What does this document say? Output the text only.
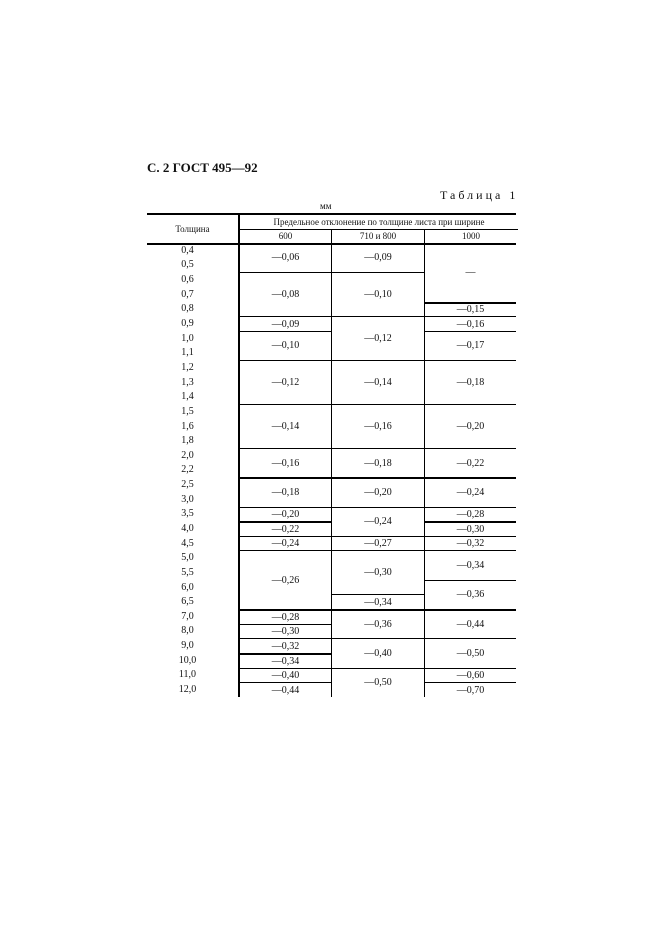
С. 2 ГОСТ 495—92
Таблица 1
мм
Толщина
Предельное отклонение по толщине листа при ширине
600	710 и 800	1000
0,4
0,5
0,6
0,7
0,8
0,9
1,0
1,1
1,2
1,3
1,4
1,5
1,6
1,8
2,0
2,2
2,5
3,0
3,5
4,0
4,5
5,0
5,5
6,0
6,5
7,0
8,0
9,0
10,0
11,0
12,0
—0,06
—0,08
—0,09
—0,10
—0,12
—0,14
—0,16
—0,18
—0,20
—0,22
—0,24
—0,26
—0,28
—0,30
—0,32
—0,34
—0,40
—0,44
—0,09
—0,10
—0,12
—0,14
—0,16
—0,18
—0,20
—0,24
—0,27
—0,30
—0,34
—0,36
—0,40
—0,50
—
—0,15
—0,16
—0,17
—0,18
—0,20
—0,22
—0,24
—0,28
—0,30
—0,32
—0,34
—0,36
—0,44
—0,50
—0,60
—0,70
